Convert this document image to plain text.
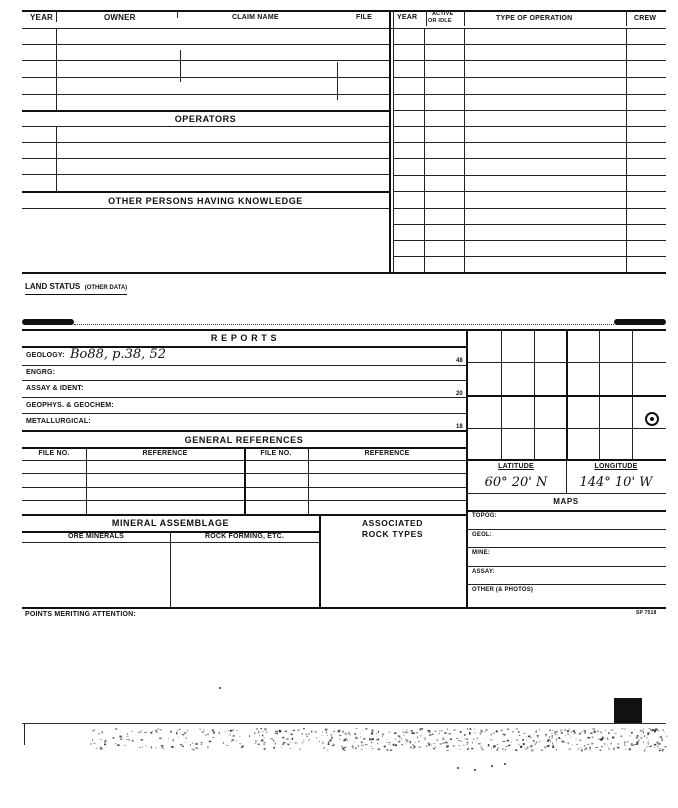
YEAR	OWNER	CLAIM NAME	FILE	YEAR	ACTIVE
OR IDLE	TYPE OF OPERATION	CREW
OPERATORS
OTHER PERSONS HAVING KNOWLEDGE
LAND STATUS (OTHER DATA)
R E P O R T S
GEOLOGY: Bo88, p.38, 52	48
ENGRG:
ASSAY & IDENT:
20
GEOPHYS. & GEOCHEM:
METALLURGICAL:
18
GENERAL REFERENCES
FILE NO.	REFERENCE	FILE NO.	REFERENCE
LATITUDE	LONGITUDE
60° 20' N	144° 10' W
MAPS
TOPOG:
GEOL:
MINE:
ASSAY:
OTHER (& PHOTOS)
MINERAL ASSEMBLAGE
ORE MINERALS	ROCK FORMING, ETC.
ASSOCIATED
ROCK TYPES
POINTS MERITING ATTENTION:	SP 7518
